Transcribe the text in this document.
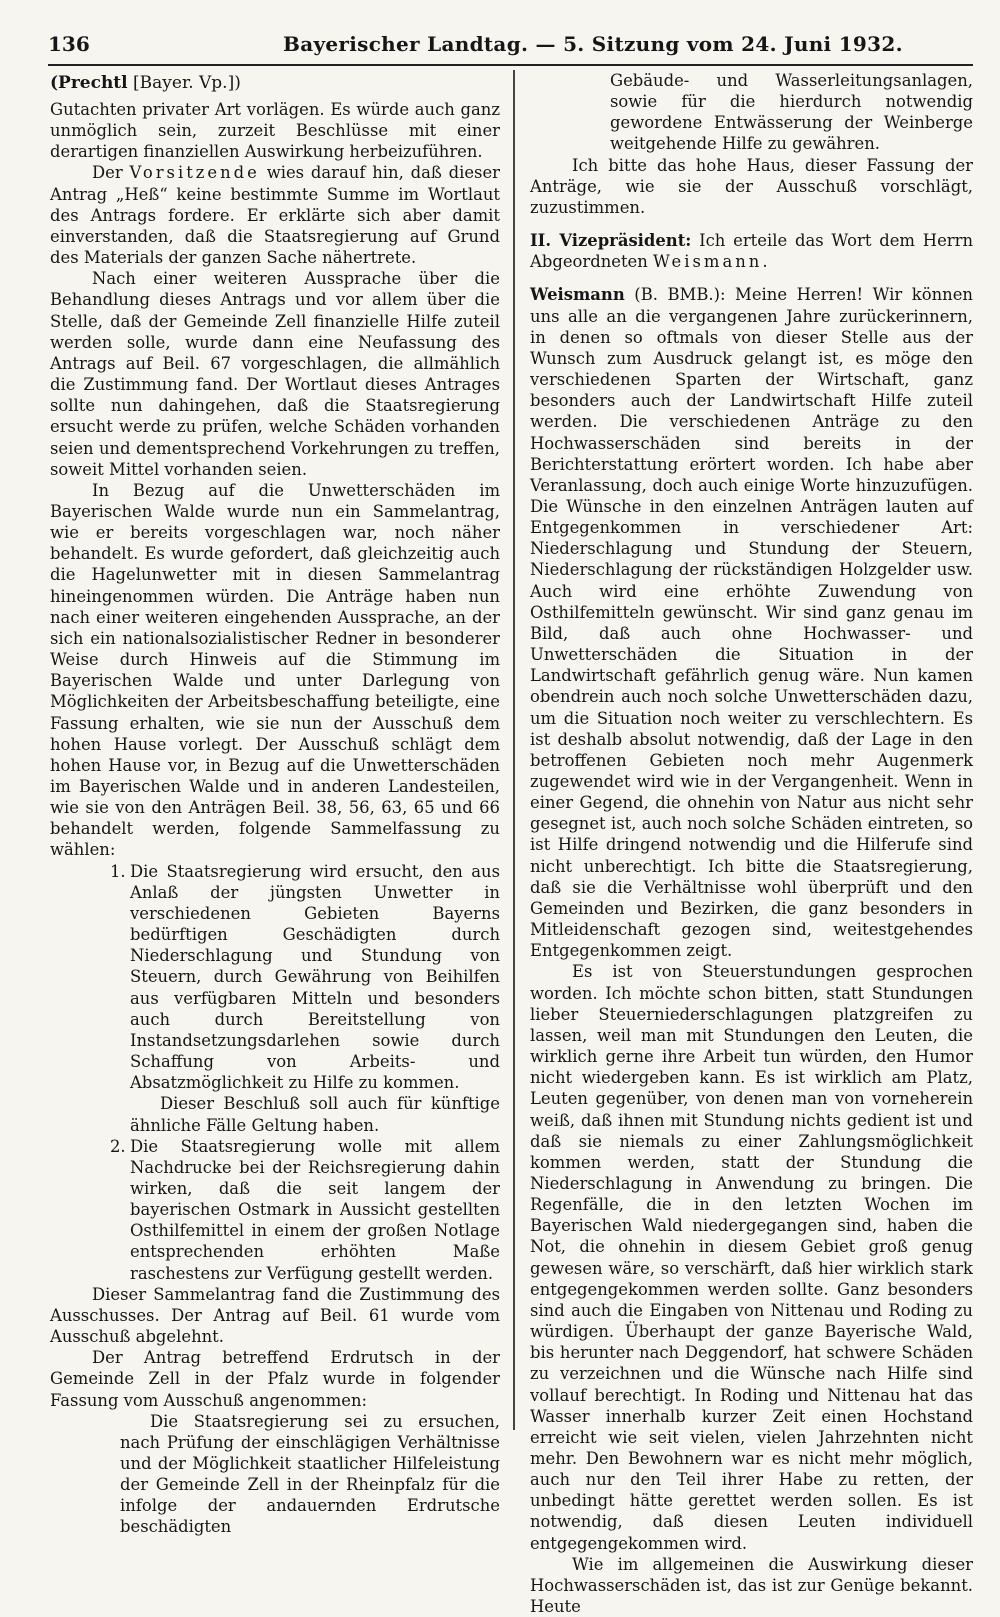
136	Bayerischer Landtag. — 5. Sitzung vom 24. Juni 1932.
(Prechtl [Bayer. Vp.])

Gutachten privater Art vorlägen. Es würde auch ganz unmöglich sein, zurzeit Beschlüsse mit einer derartigen finanziellen Auswirkung herbeizuführen.

Der Vorsitzende wies darauf hin, daß dieser Antrag „Heß“ keine bestimmte Summe im Wortlaut des Antrags fordere. Er erklärte sich aber damit einverstanden, daß die Staatsregierung auf Grund des Materials der ganzen Sache nähertrete.

Nach einer weiteren Aussprache über die Behandlung dieses Antrags und vor allem über die Stelle, daß der Gemeinde Zell finanzielle Hilfe zuteil werden solle, wurde dann eine Neufassung des Antrags auf Beil. 67 vorgeschlagen, die allmählich die Zustimmung fand. Der Wortlaut dieses Antrages sollte nun dahingehen, daß die Staatsregierung ersucht werde zu prüfen, welche Schäden vorhanden seien und dementsprechend Vorkehrungen zu treffen, soweit Mittel vorhanden seien.

In Bezug auf die Unwetterschäden im Bayerischen Walde wurde nun ein Sammelantrag, wie er bereits vorgeschlagen war, noch näher behandelt. Es wurde gefordert, daß gleichzeitig auch die Hagelunwetter mit in diesen Sammelantrag hineingenommen würden. Die Anträge haben nun nach einer weiteren eingehenden Aussprache, an der sich ein nationalsozialistischer Redner in besonderer Weise durch Hinweis auf die Stimmung im Bayerischen Walde und unter Darlegung von Möglichkeiten der Arbeitsbeschaffung beteiligte, eine Fassung erhalten, wie sie nun der Ausschuß dem hohen Hause vorlegt. Der Ausschuß schlägt dem hohen Hause vor, in Bezug auf die Unwetterschäden im Bayerischen Walde und in anderen Landesteilen, wie sie von den Anträgen Beil. 38, 56, 63, 65 und 66 behandelt werden, folgende Sammelfassung zu wählen:

1. Die Staatsregierung wird ersucht, den aus Anlaß der jüngsten Unwetter in verschiedenen Gebieten Bayerns bedürftigen Geschädigten durch Niederschlagung und Stundung von Steuern, durch Gewährung von Beihilfen aus verfügbaren Mitteln und besonders auch durch Bereitstellung von Instandsetzungsdarlehen sowie durch Schaffung von Arbeits- und Absatzmöglichkeit zu Hilfe zu kommen.
Dieser Beschluß soll auch für künftige ähnliche Fälle Geltung haben.
2. Die Staatsregierung wolle mit allem Nachdrucke bei der Reichsregierung dahin wirken, daß die seit langem der bayerischen Ostmark in Aussicht gestellten Osthilfemittel in einem der großen Notlage entsprechenden erhöhten Maße raschestens zur Verfügung gestellt werden.

Dieser Sammelantrag fand die Zustimmung des Ausschusses. Der Antrag auf Beil. 61 wurde vom Ausschuß abgelehnt.

Der Antrag betreffend Erdrutsch in der Gemeinde Zell in der Pfalz wurde in folgender Fassung vom Ausschuß angenommen:

Die Staatsregierung sei zu ersuchen, nach Prüfung der einschlägigen Verhältnisse und der Möglichkeit staatlicher Hilfeleistung der Gemeinde Zell in der Rheinpfalz für die infolge der andauernden Erdrutsche beschädigten
Gebäude- und Wasserleitungsanlagen, sowie für die hierdurch notwendig gewordene Entwässerung der Weinberge weitgehende Hilfe zu gewähren.

Ich bitte das hohe Haus, dieser Fassung der Anträge, wie sie der Ausschuß vorschlägt, zuzustimmen.

II. Vizepräsident: Ich erteile das Wort dem Herrn Abgeordneten Weismann.

Weismann (B. BMB.): Meine Herren! Wir können uns alle an die vergangenen Jahre zurückerinnern, in denen so oftmals von dieser Stelle aus der Wunsch zum Ausdruck gelangt ist, es möge den verschiedenen Sparten der Wirtschaft, ganz besonders auch der Landwirtschaft Hilfe zuteil werden. Die verschiedenen Anträge zu den Hochwasserschäden sind bereits in der Berichterstattung erörtert worden. Ich habe aber Veranlassung, doch auch einige Worte hinzuzufügen. Die Wünsche in den einzelnen Anträgen lauten auf Entgegenkommen in verschiedener Art: Niederschlagung und Stundung der Steuern, Niederschlagung der rückständigen Holzgelder usw. Auch wird eine erhöhte Zuwendung von Osthilfemitteln gewünscht. Wir sind ganz genau im Bild, daß auch ohne Hochwasser- und Unwetterschäden die Situation in der Landwirtschaft gefährlich genug wäre. Nun kamen obendrein auch noch solche Unwetterschäden dazu, um die Situation noch weiter zu verschlechtern. Es ist deshalb absolut notwendig, daß der Lage in den betroffenen Gebieten noch mehr Augenmerk zugewendet wird wie in der Vergangenheit. Wenn in einer Gegend, die ohnehin von Natur aus nicht sehr gesegnet ist, auch noch solche Schäden eintreten, so ist Hilfe dringend notwendig und die Hilferufe sind nicht unberechtigt. Ich bitte die Staatsregierung, daß sie die Verhältnisse wohl überprüft und den Gemeinden und Bezirken, die ganz besonders in Mitleidenschaft gezogen sind, weitestgehendes Entgegenkommen zeigt.

Es ist von Steuerstundungen gesprochen worden. Ich möchte schon bitten, statt Stundungen lieber Steuerniederschlagungen platzgreifen zu lassen, weil man mit Stundungen den Leuten, die wirklich gerne ihre Arbeit tun würden, den Humor nicht wiedergeben kann. Es ist wirklich am Platz, Leuten gegenüber, von denen man von vorneherein weiß, daß ihnen mit Stundung nichts gedient ist und daß sie niemals zu einer Zahlungsmöglichkeit kommen werden, statt der Stundung die Niederschlagung in Anwendung zu bringen. Die Regenfälle, die in den letzten Wochen im Bayerischen Wald niedergegangen sind, haben die Not, die ohnehin in diesem Gebiet groß genug gewesen wäre, so verschärft, daß hier wirklich stark entgegengekommen werden sollte. Ganz besonders sind auch die Eingaben von Nittenau und Roding zu würdigen. Überhaupt der ganze Bayerische Wald, bis herunter nach Deggendorf, hat schwere Schäden zu verzeichnen und die Wünsche nach Hilfe sind vollauf berechtigt. In Roding und Nittenau hat das Wasser innerhalb kurzer Zeit einen Hochstand erreicht wie seit vielen, vielen Jahrzehnten nicht mehr. Den Bewohnern war es nicht mehr möglich, auch nur den Teil ihrer Habe zu retten, der unbedingt hätte gerettet werden sollen. Es ist notwendig, daß diesen Leuten individuell entgegengekommen wird.

Wie im allgemeinen die Auswirkung dieser Hochwasserschäden ist, das ist zur Genüge bekannt. Heute
